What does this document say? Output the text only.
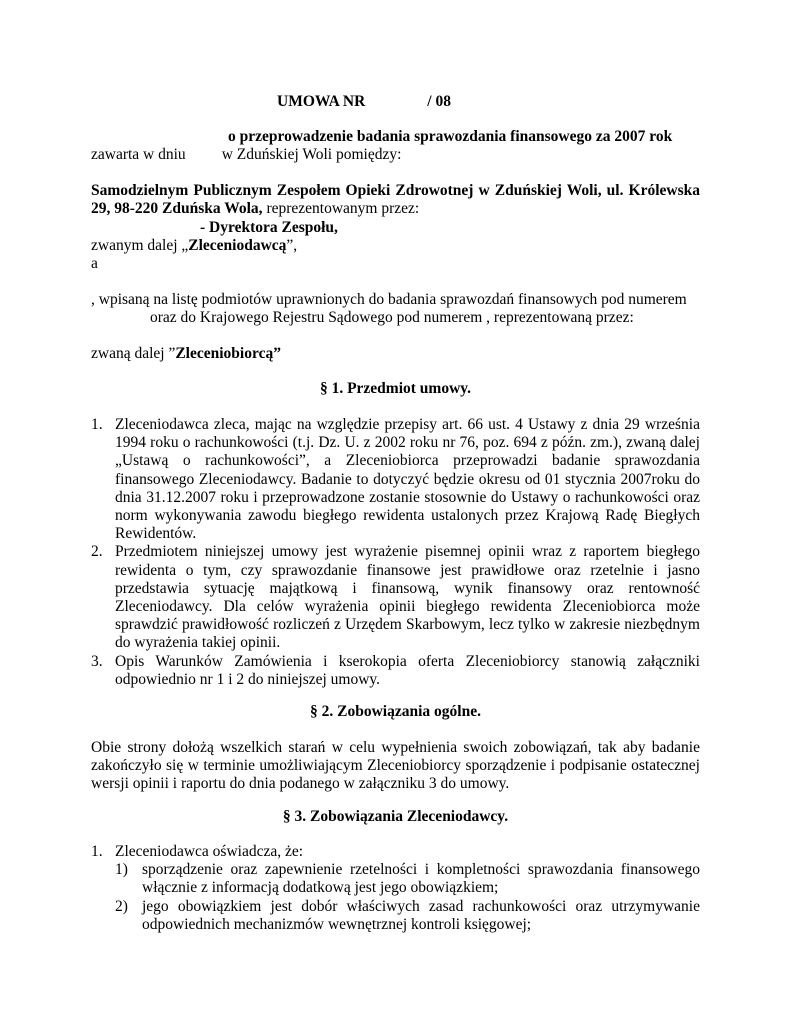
UMOWA NR	/ 08
o przeprowadzenie badania sprawozdania finansowego za 2007 rok
zawarta w dniu w Zduńskiej Woli pomiędzy:
Samodzielnym Publicznym Zespołem Opieki Zdrowotnej w Zduńskiej Woli, ul. Królewska 29, 98-220 Zduńska Wola, reprezentowanym przez:
- Dyrektora Zespołu,
zwanym dalej „Zleceniodawcą”,
a
, wpisaną na listę podmiotów uprawnionych do badania sprawozdań finansowych pod numerem
oraz do Krajowego Rejestru Sądowego pod numerem , reprezentowaną przez:
zwaną dalej ”Zleceniobiorcą”
§ 1. Przedmiot umowy.
1. Zleceniodawca zleca, mając na względzie przepisy art. 66 ust. 4 Ustawy z dnia 29 września 1994 roku o rachunkowości (t.j. Dz. U. z 2002 roku nr 76, poz. 694 z późn. zm.), zwaną dalej „Ustawą o rachunkowości”, a Zleceniobiorca przeprowadzi badanie sprawozdania finansowego Zleceniodawcy. Badanie to dotyczyć będzie okresu od 01 stycznia 2007roku do dnia 31.12.2007 roku i przeprowadzone zostanie stosownie do Ustawy o rachunkowości oraz norm wykonywania zawodu biegłego rewidenta ustalonych przez Krajową Radę Biegłych Rewidentów.
2. Przedmiotem niniejszej umowy jest wyrażenie pisemnej opinii wraz z raportem biegłego rewidenta o tym, czy sprawozdanie finansowe jest prawidłowe oraz rzetelnie i jasno przedstawia sytuację majątkową i finansową, wynik finansowy oraz rentowność Zleceniodawcy. Dla celów wyrażenia opinii biegłego rewidenta Zleceniobiorca może sprawdzić prawidłowość rozliczeń z Urzędem Skarbowym, lecz tylko w zakresie niezbędnym do wyrażenia takiej opinii.
3. Opis Warunków Zamówienia i kserokopia oferta Zleceniobiorcy stanowią załączniki odpowiednio nr 1 i 2 do niniejszej umowy.
§ 2. Zobowiązania ogólne.
Obie strony dołożą wszelkich starań w celu wypełnienia swoich zobowiązań, tak aby badanie zakończyło się w terminie umożliwiającym Zleceniobiorcy sporządzenie i podpisanie ostatecznej wersji opinii i raportu do dnia podanego w załączniku 3 do umowy.
§ 3. Zobowiązania Zleceniodawcy.
1. Zleceniodawca oświadcza, że:
1) sporządzenie oraz zapewnienie rzetelności i kompletności sprawozdania finansowego włącznie z informacją dodatkową jest jego obowiązkiem;
2) jego obowiązkiem jest dobór właściwych zasad rachunkowości oraz utrzymywanie odpowiednich mechanizmów wewnętrznej kontroli księgowej;
